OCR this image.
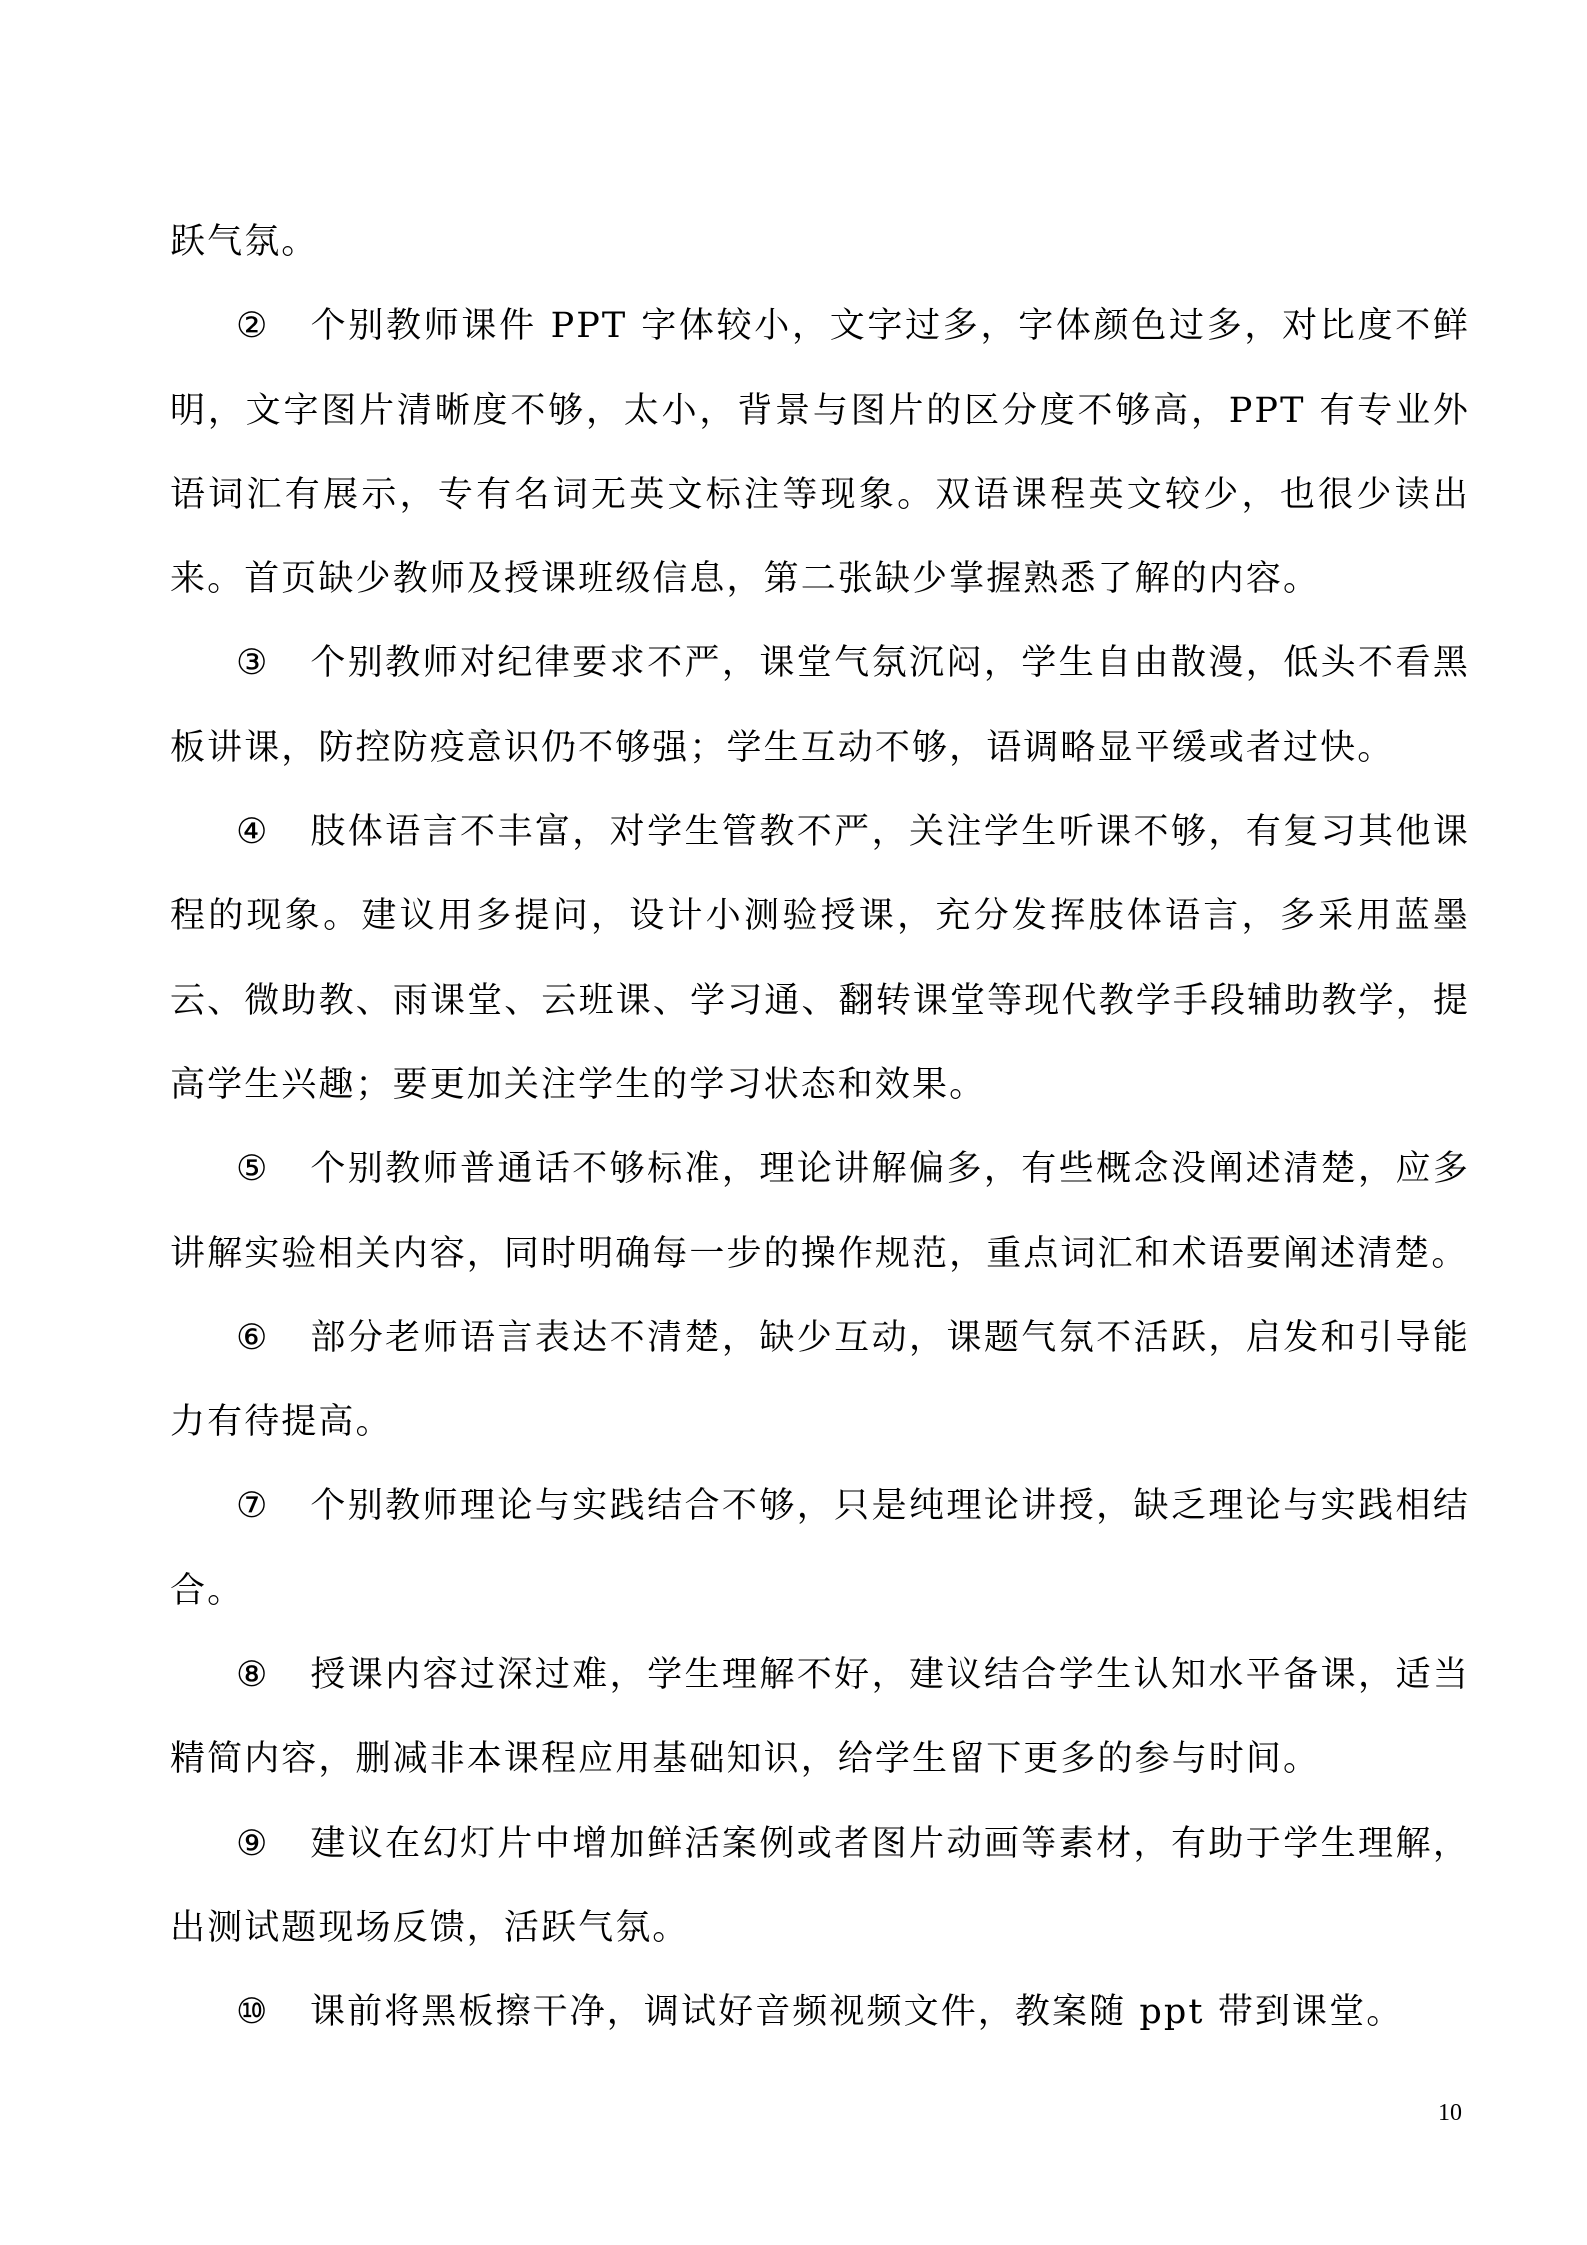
跃气氛。

② 个别教师课件 PPT 字体较小，文字过多，字体颜色过多，对比度不鲜明，文字图片清晰度不够，太小，背景与图片的区分度不够高，PPT 有专业外语词汇有展示，专有名词无英文标注等现象。双语课程英文较少，也很少读出来。首页缺少教师及授课班级信息，第二张缺少掌握熟悉了解的内容。

③ 个别教师对纪律要求不严，课堂气氛沉闷，学生自由散漫，低头不看黑板讲课，防控防疫意识仍不够强；学生互动不够，语调略显平缓或者过快。

④ 肢体语言不丰富，对学生管教不严，关注学生听课不够，有复习其他课程的现象。建议用多提问，设计小测验授课，充分发挥肢体语言，多采用蓝墨云、微助教、雨课堂、云班课、学习通、翻转课堂等现代教学手段辅助教学，提高学生兴趣；要更加关注学生的学习状态和效果。

⑤ 个别教师普通话不够标准，理论讲解偏多，有些概念没阐述清楚，应多讲解实验相关内容，同时明确每一步的操作规范，重点词汇和术语要阐述清楚。

⑥ 部分老师语言表达不清楚，缺少互动，课题气氛不活跃，启发和引导能力有待提高。

⑦ 个别教师理论与实践结合不够，只是纯理论讲授，缺乏理论与实践相结合。

⑧ 授课内容过深过难，学生理解不好，建议结合学生认知水平备课，适当精简内容，删减非本课程应用基础知识，给学生留下更多的参与时间。

⑨ 建议在幻灯片中增加鲜活案例或者图片动画等素材，有助于学生理解，出测试题现场反馈，活跃气氛。

⑩ 课前将黑板擦干净，调试好音频视频文件，教案随 ppt 带到课堂。

10
